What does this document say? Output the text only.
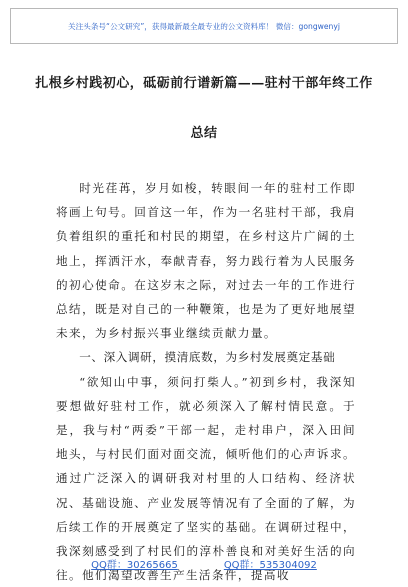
关注头条号“公文研究”，获得最新最全最专业的公文资料库！ 微信：gongwenyj
扎根乡村践初心，砥砺前行谱新篇——驻村干部年终工作
总结

时光荏苒，岁月如梭，转眼间一年的驻村工作即将画上句号。回首这一年，作为一名驻村干部，我肩负着组织的重托和村民的期望，在乡村这片广阔的土地上，挥洒汗水，奉献青春，努力践行着为人民服务的初心使命。在这岁末之际，对过去一年的工作进行总结，既是对自己的一种鞭策，也是为了更好地展望未来，为乡村振兴事业继续贡献力量。

一、深入调研，摸清底数，为乡村发展奠定基础

“欲知山中事，须问打柴人。”初到乡村，我深知要想做好驻村工作，就必须深入了解村情民意。于是，我与村“两委”干部一起，走村串户，深入田间地头，与村民们面对面交流，倾听他们的心声诉求。通过广泛深入的调研我对村里的人口结构、经济状况、基础设施、产业发展等情况有了全面的了解，为后续工作的开展奠定了坚实的基础。在调研过程中，我深刻感受到了村民们的淳朴善良和对美好生活的向往。他们渴望改善生产生活条件，提高收

QQ群：30265665	QQ群：535304092
